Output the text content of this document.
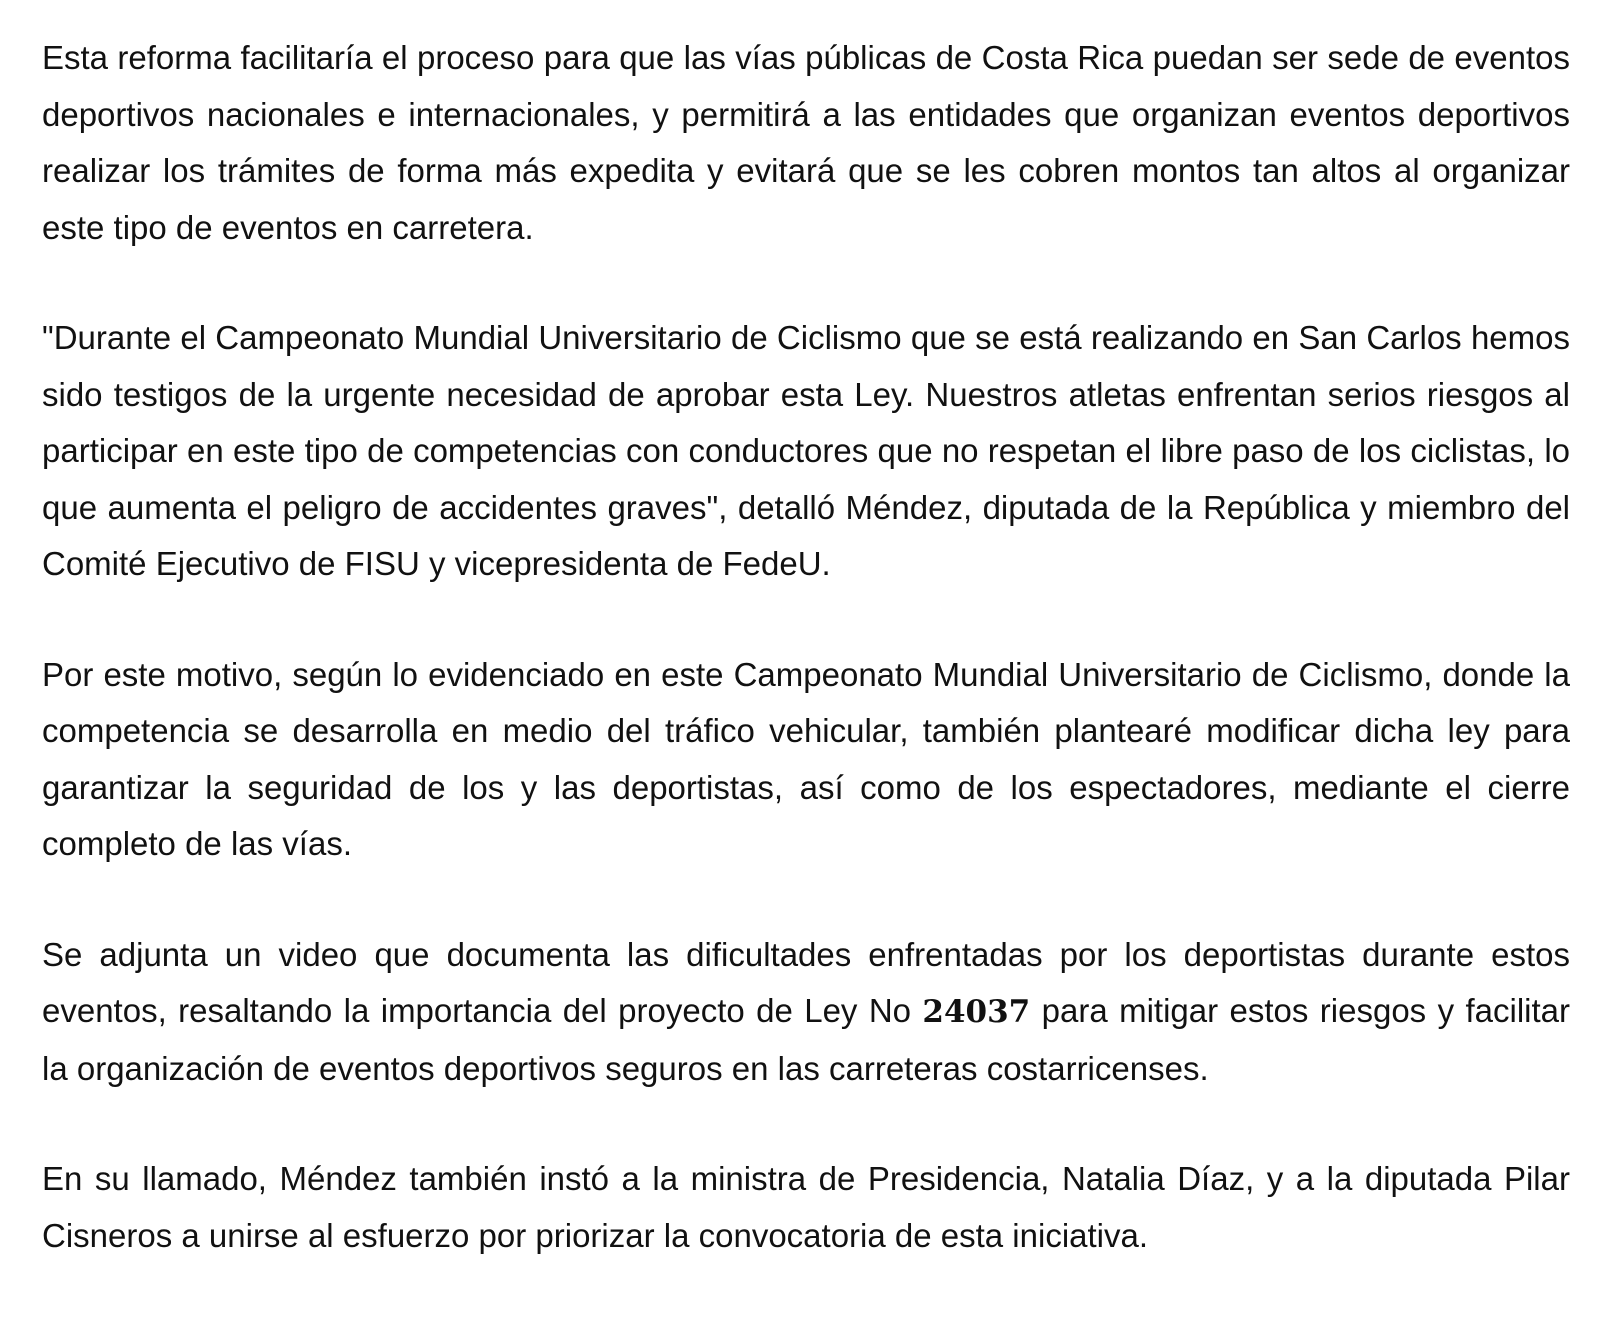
Esta reforma facilitaría el proceso para que las vías públicas de Costa Rica puedan ser sede de eventos deportivos nacionales e internacionales, y permitirá a las entidades que organizan eventos deportivos realizar los trámites de forma más expedita y evitará que se les cobren montos tan altos al organizar este tipo de eventos en carretera.

"Durante el Campeonato Mundial Universitario de Ciclismo que se está realizando en San Carlos hemos sido testigos de la urgente necesidad de aprobar esta Ley. Nuestros atletas enfrentan serios riesgos al participar en este tipo de competencias con conductores que no respetan el libre paso de los ciclistas, lo que aumenta el peligro de accidentes graves", detalló Méndez, diputada de la República y miembro del Comité Ejecutivo de FISU y vicepresidenta de FedeU.

Por este motivo, según lo evidenciado en este Campeonato Mundial Universitario de Ciclismo, donde la competencia se desarrolla en medio del tráfico vehicular, también plantearé modificar dicha ley para garantizar la seguridad de los y las deportistas, así como de los espectadores, mediante el cierre completo de las vías.

Se adjunta un video que documenta las dificultades enfrentadas por los deportistas durante estos eventos, resaltando la importancia del proyecto de Ley No 24037 para mitigar estos riesgos y facilitar la organización de eventos deportivos seguros en las carreteras costarricenses.

En su llamado, Méndez también instó a la ministra de Presidencia, Natalia Díaz, y a la diputada Pilar Cisneros a unirse al esfuerzo por priorizar la convocatoria de esta iniciativa.
